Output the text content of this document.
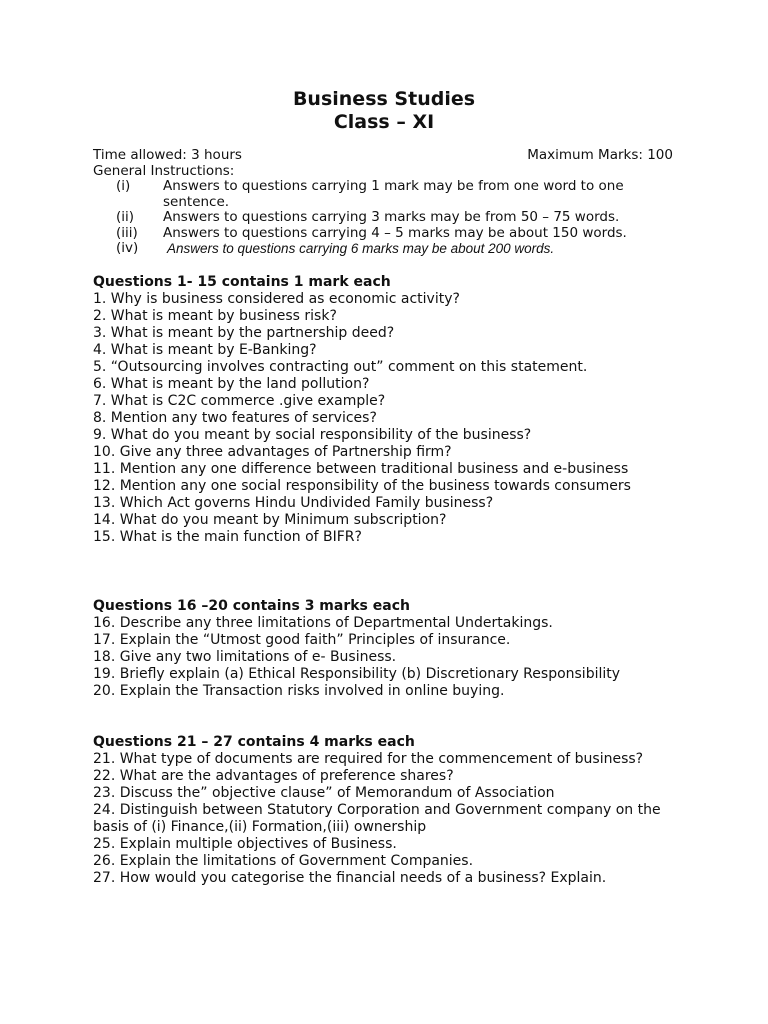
Business Studies
Class – XI
Time allowed: 3 hours	Maximum Marks: 100
General Instructions:
(i)	Answers to questions carrying 1 mark may be from one word to one sentence.
(ii)	Answers to questions carrying 3 marks may be from 50 – 75 words.
(iii)	Answers to questions carrying 4 – 5 marks may be about 150 words.
(iv)	Answers to questions carrying 6 marks may be about 200 words.
Questions 1- 15 contains 1 mark each

1. Why is business considered as economic activity?

2. What is meant by business risk?

3. What is meant by the partnership deed?

4. What is meant by E-Banking?

5. “Outsourcing involves contracting out” comment on this statement.

6. What is meant by the land pollution?

7. What is C2C commerce .give example?

8. Mention any two features of services?

9. What do you meant by social responsibility of the business?

10. Give any three advantages of Partnership firm?

11. Mention any one difference between traditional business and e-business

12. Mention any one social responsibility of the business towards consumers

13. Which Act governs Hindu Undivided Family business?

14. What do you meant by Minimum subscription?

15. What is the main function of BIFR?

Questions 16 –20 contains 3 marks each

16. Describe any three limitations of Departmental Undertakings.

17. Explain the “Utmost good faith” Principles of insurance.

18. Give any two limitations of e- Business.

19. Briefly explain (a) Ethical Responsibility (b) Discretionary Responsibility

20. Explain the Transaction risks involved in online buying.

Questions 21 – 27 contains 4 marks each

21. What type of documents are required for the commencement of business?

22. What are the advantages of preference shares?

23. Discuss the” objective clause” of Memorandum of Association

24. Distinguish between Statutory Corporation and Government company on the basis of (i) Finance,(ii) Formation,(iii) ownership

25. Explain multiple objectives of Business.

26. Explain the limitations of Government Companies.

27. How would you categorise the financial needs of a business? Explain.
